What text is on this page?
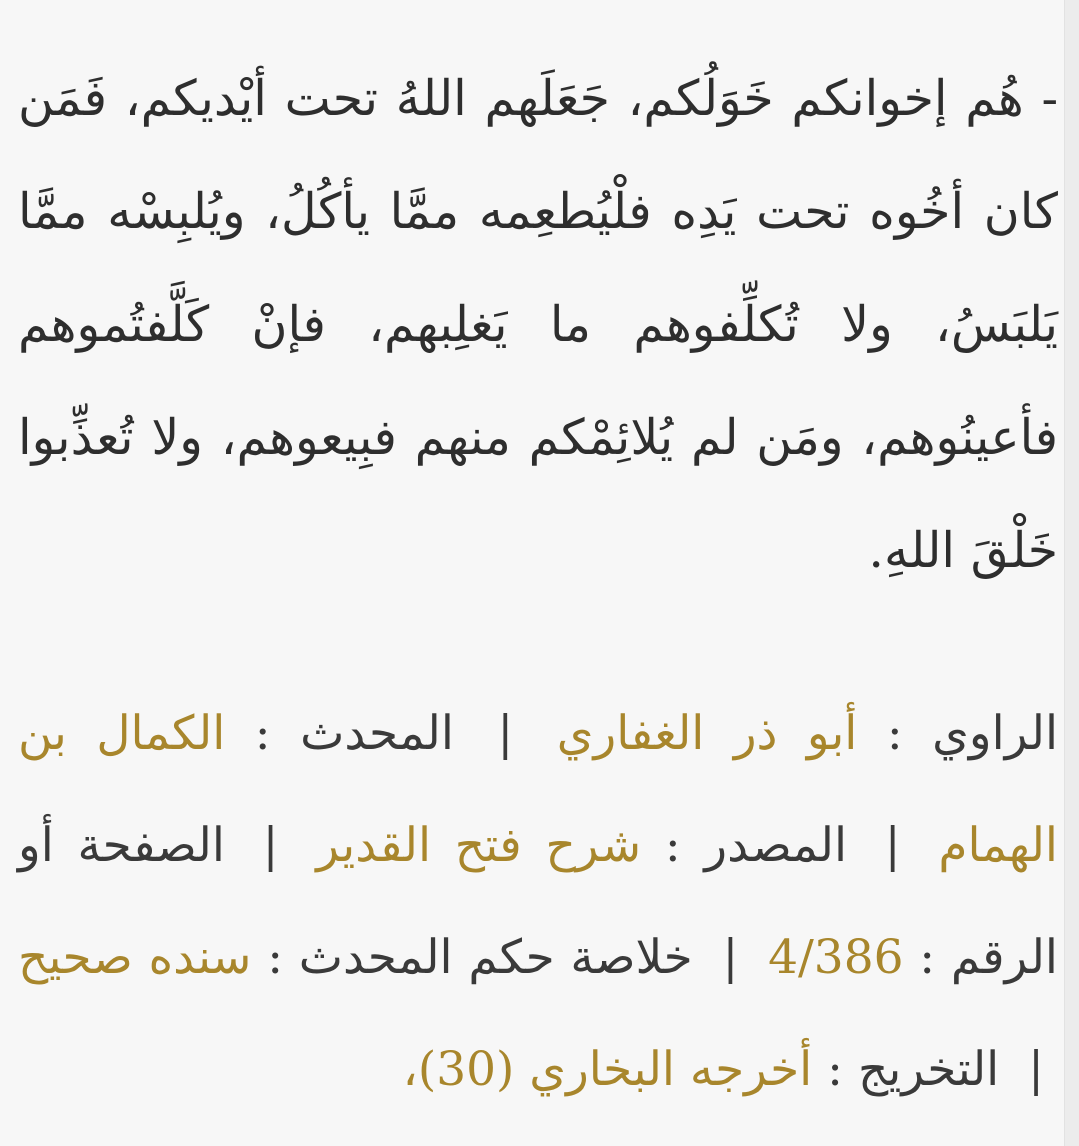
- هُم إخوانكم خَوَلُكم، جَعَلَهم اللهُ تحت أيْديكم، فَمَن كان أخُوه تحت يَدِه فلْيُطعِمه ممَّا يأكُلُ، ويُلبِسْه ممَّا يَلبَسُ، ولا تُكلِّفوهم ما يَغلِبهم، فإنْ كَلَّفتُموهم فأعينُوهم، ومَن لم يُلائِمْكم منهم فبِيعوهم، ولا تُعذِّبوا خَلْقَ اللهِ.

الراوي : أبو ذر الغفاري | المحدث : الكمال بن الهمام | المصدر : شرح فتح القدير | الصفحة أو الرقم : 4/386 | خلاصة حكم المحدث : سنده صحيح | التخريج : أخرجه البخاري (30)،
